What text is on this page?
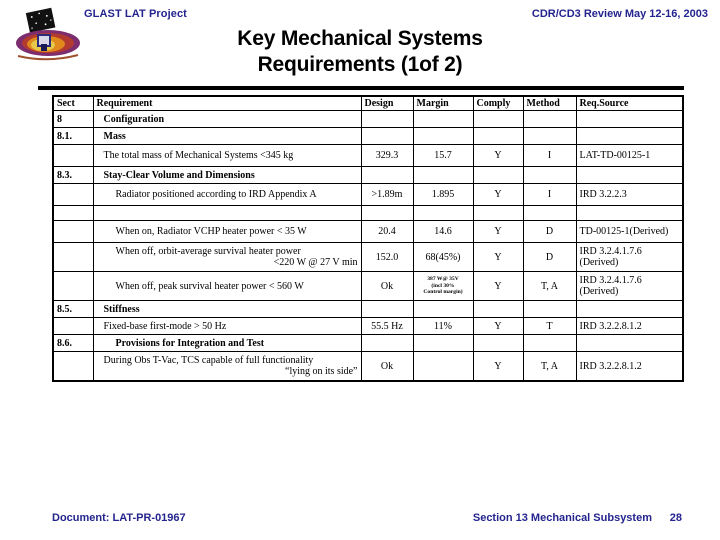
GLAST LAT Project	CDR/CD3 Review May 12-16, 2003
Key Mechanical Systems
Requirements (1of 2)
Sect	Requirement	Design	Margin	Comply	Method	Req.Source
8	Configuration					
8.1.	Mass					
	The total mass of Mechanical Systems <345 kg	329.3	15.7	Y	I	LAT-TD-00125-1
8.3.	Stay-Clear Volume and Dimensions					
	Radiator positioned according to IRD Appendix A	>1.89m	1.895	Y	I	IRD 3.2.2.3

	When on, Radiator VCHP heater power < 35 W	20.4	14.6	Y	D	TD-00125-1(Derived)
	When off, orbit-average survival heater power
<220 W @ 27 V min	152.0	68(45%)	Y	D	IRD 3.2.4.1.7.6
(Derived)
	When off, peak survival heater power < 560 W	Ok	387 W@ 35V
(incl 30%
Control margin)	Y	T, A	IRD 3.2.4.1.7.6
(Derived)
8.5.	Stiffness					
	Fixed-base first-mode > 50 Hz	55.5 Hz	11%	Y	T	IRD 3.2.2.8.1.2
8.6.	Provisions for Integration and Test					
	During Obs T-Vac, TCS capable of full functionality
“lying on its side”	Ok		Y	T, A	IRD 3.2.2.8.1.2
Document: LAT-PR-01967	Section 13 Mechanical Subsystem 28
